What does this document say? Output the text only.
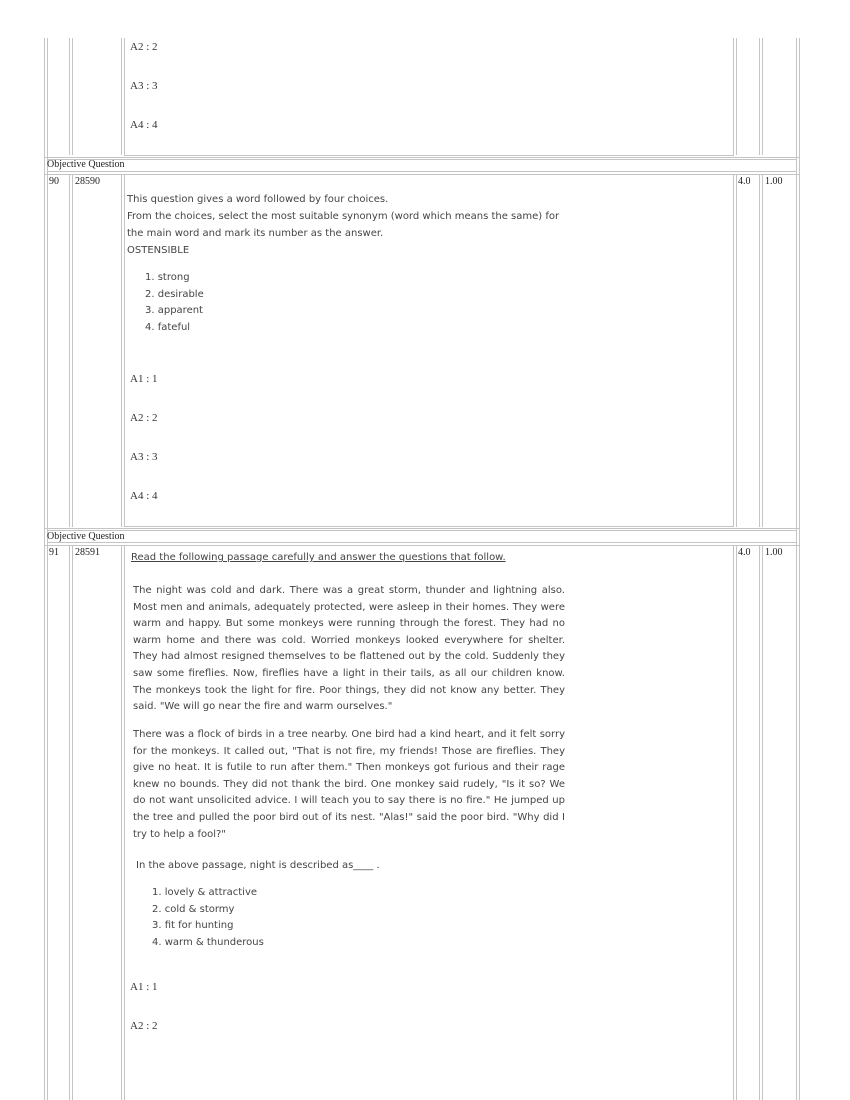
A2 : 2
A3 : 3
A4 : 4
Objective Question
90 28590	4.0 1.00
This question gives a word followed by four choices.
From the choices, select the most suitable synonym (word which means the same) for
the main word and mark its number as the answer.
OSTENSIBLE
1. strong
2. desirable
3. apparent
4. fateful
A1 : 1
A2 : 2
A3 : 3
A4 : 4
Objective Question
91 28591	4.0 1.00
Read the following passage carefully and answer the questions that follow.
The night was cold and dark. There was a great storm, thunder and lightning also. Most men and animals, adequately protected, were asleep in their homes. They were warm and happy. But some monkeys were running through the forest. They had no warm home and there was cold. Worried monkeys looked everywhere for shelter. They had almost resigned themselves to be flattened out by the cold. Suddenly they saw some fireflies. Now, fireflies have a light in their tails, as all our children know. The monkeys took the light for fire. Poor things, they did not know any better. They said. "We will go near the fire and warm ourselves."
There was a flock of birds in a tree nearby. One bird had a kind heart, and it felt sorry for the monkeys. It called out, "That is not fire, my friends! Those are fireflies. They give no heat. It is futile to run after them." Then monkeys got furious and their rage knew no bounds. They did not thank the bird. One monkey said rudely, "Is it so? We do not want unsolicited advice. I will teach you to say there is no fire." He jumped up the tree and pulled the poor bird out of its nest. "Alas!" said the poor bird. "Why did I try to help a fool?"
In the above passage, night is described as____ .
1. lovely & attractive
2. cold & stormy
3. fit for hunting
4. warm & thunderous
A1 : 1
A2 : 2
